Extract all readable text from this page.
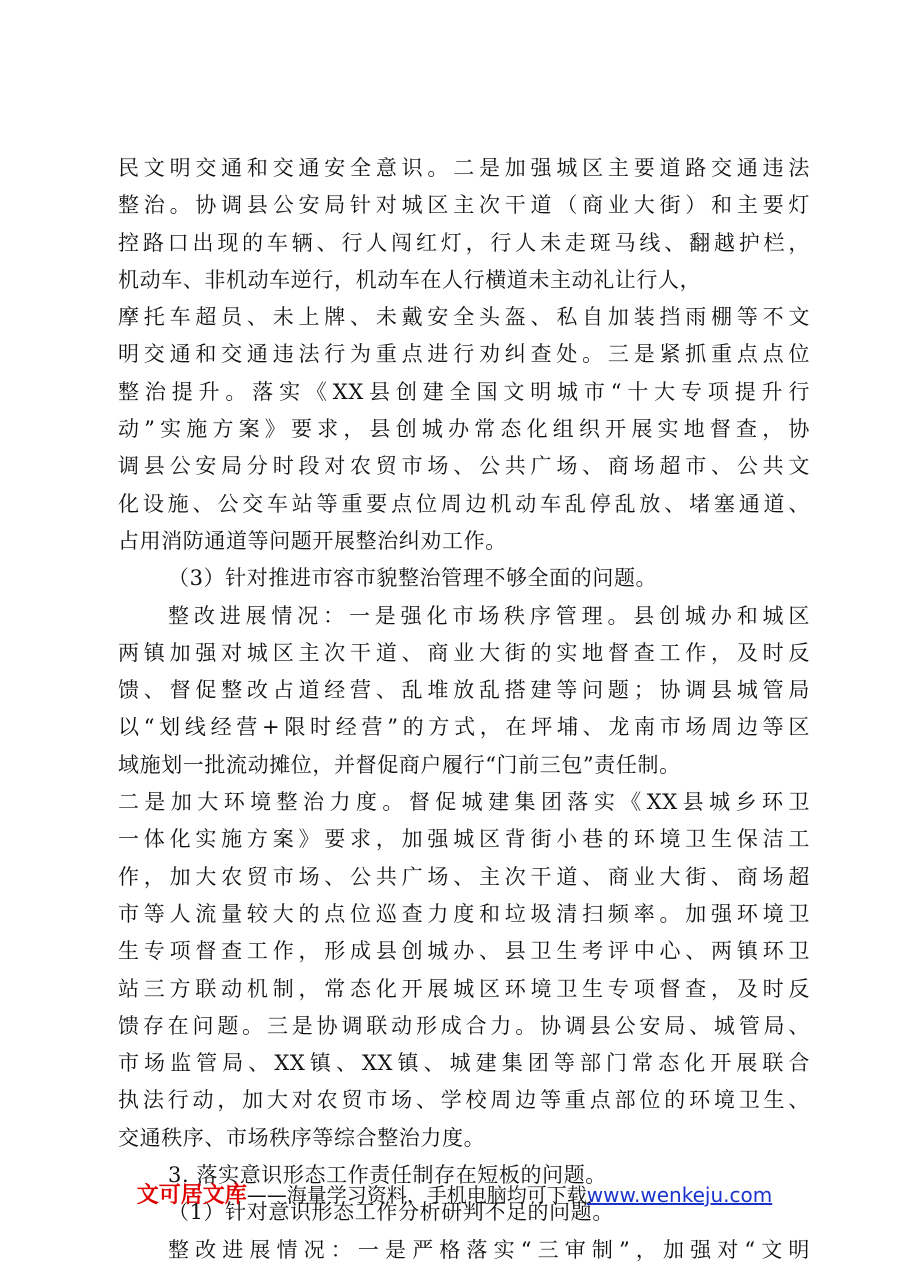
民文明交通和交通安全意识。二是加强城区主要道路交通违法
整治。协调县公安局针对城区主次干道（商业大街）和主要灯
控路口出现的车辆、行人闯红灯，行人未走斑马线、翻越护栏，
机动车、非机动车逆行，机动车在人行横道未主动礼让行人，
摩托车超员、未上牌、未戴安全头盔、私自加装挡雨棚等不文
明交通和交通违法行为重点进行劝纠查处。三是紧抓重点点位
整治提升。落实《XX县创建全国文明城市“十大专项提升行
动”实施方案》要求，县创城办常态化组织开展实地督查，协
调县公安局分时段对农贸市场、公共广场、商场超市、公共文
化设施、公交车站等重要点位周边机动车乱停乱放、堵塞通道、
占用消防通道等问题开展整治纠劝工作。
（3）针对推进市容市貌整治管理不够全面的问题。
整改进展情况：一是强化市场秩序管理。县创城办和城区
两镇加强对城区主次干道、商业大街的实地督查工作，及时反
馈、督促整改占道经营、乱堆放乱搭建等问题；协调县城管局
以“划线经营+限时经营”的方式，在坪埔、龙南市场周边等区
域施划一批流动摊位，并督促商户履行“门前三包”责任制。
二是加大环境整治力度。督促城建集团落实《XX县城乡环卫
一体化实施方案》要求，加强城区背街小巷的环境卫生保洁工
作，加大农贸市场、公共广场、主次干道、商业大街、商场超
市等人流量较大的点位巡查力度和垃圾清扫频率。加强环境卫
生专项督查工作，形成县创城办、县卫生考评中心、两镇环卫
站三方联动机制，常态化开展城区环境卫生专项督查，及时反
馈存在问题。三是协调联动形成合力。协调县公安局、城管局、
市场监管局、XX镇、XX镇、城建集团等部门常态化开展联合
执法行动，加大对农贸市场、学校周边等重点部位的环境卫生、
交通秩序、市场秩序等综合整治力度。
3. 落实意识形态工作责任制存在短板的问题。
（1）针对意识形态工作分析研判不足的问题。
整改进展情况：一是严格落实“三审制”，加强对“文明
文可居文库——海量学习资料，手机电脑均可下载www.wenkeju.com
